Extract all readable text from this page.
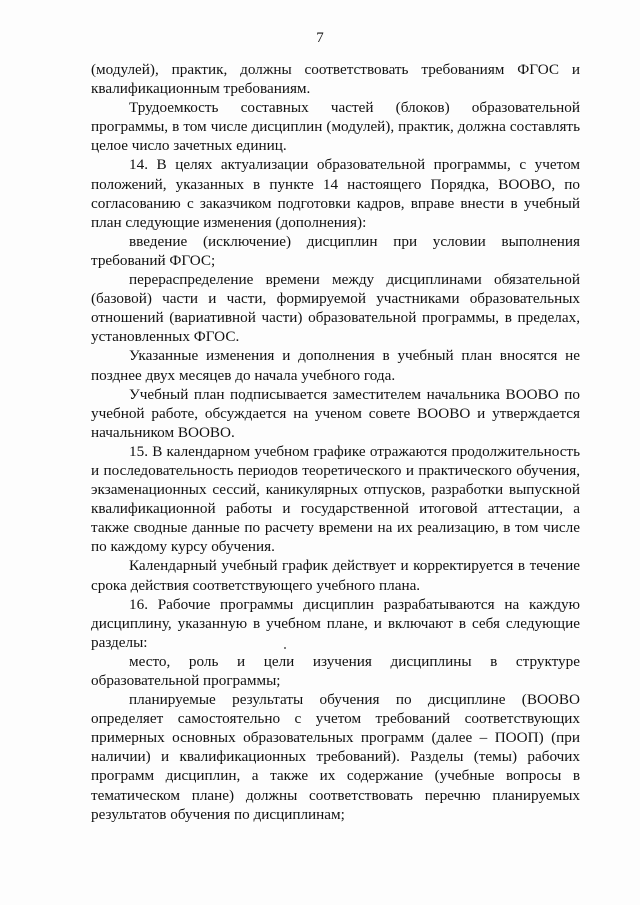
7

(модулей), практик, должны соответствовать требованиям ФГОС и квалификационным требованиям.

Трудоемкость составных частей (блоков) образовательной программы, в том числе дисциплин (модулей), практик, должна составлять целое число зачетных единиц.

14. В целях актуализации образовательной программы, с учетом положений, указанных в пункте 14 настоящего Порядка, ВООВО, по согласованию с заказчиком подготовки кадров, вправе внести в учебный план следующие изменения (дополнения):

введение (исключение) дисциплин при условии выполнения требований ФГОС;

перераспределение времени между дисциплинами обязательной (базовой) части и части, формируемой участниками образовательных отношений (вариативной части) образовательной программы, в пределах, установленных ФГОС.

Указанные изменения и дополнения в учебный план вносятся не позднее двух месяцев до начала учебного года.

Учебный план подписывается заместителем начальника ВООВО по учебной работе, обсуждается на ученом совете ВООВО и утверждается начальником ВООВО.

15. В календарном учебном графике отражаются продолжительность и последовательность периодов теоретического и практического обучения, экзаменационных сессий, каникулярных отпусков, разработки выпускной квалификационной работы и государственной итоговой аттестации, а также сводные данные по расчету времени на их реализацию, в том числе по каждому курсу обучения.

Календарный учебный график действует и корректируется в течение срока действия соответствующего учебного плана.

16. Рабочие программы дисциплин разрабатываются на каждую дисциплину, указанную в учебном плане, и включают в себя следующие разделы:

место, роль и цели изучения дисциплины в структуре образовательной программы;

планируемые результаты обучения по дисциплине (ВООВО определяет самостоятельно с учетом требований соответствующих примерных основных образовательных программ (далее – ПООП) (при наличии) и квалификационных требований). Разделы (темы) рабочих программ дисциплин, а также их содержание (учебные вопросы в тематическом плане) должны соответствовать перечню планируемых результатов обучения по дисциплинам;
